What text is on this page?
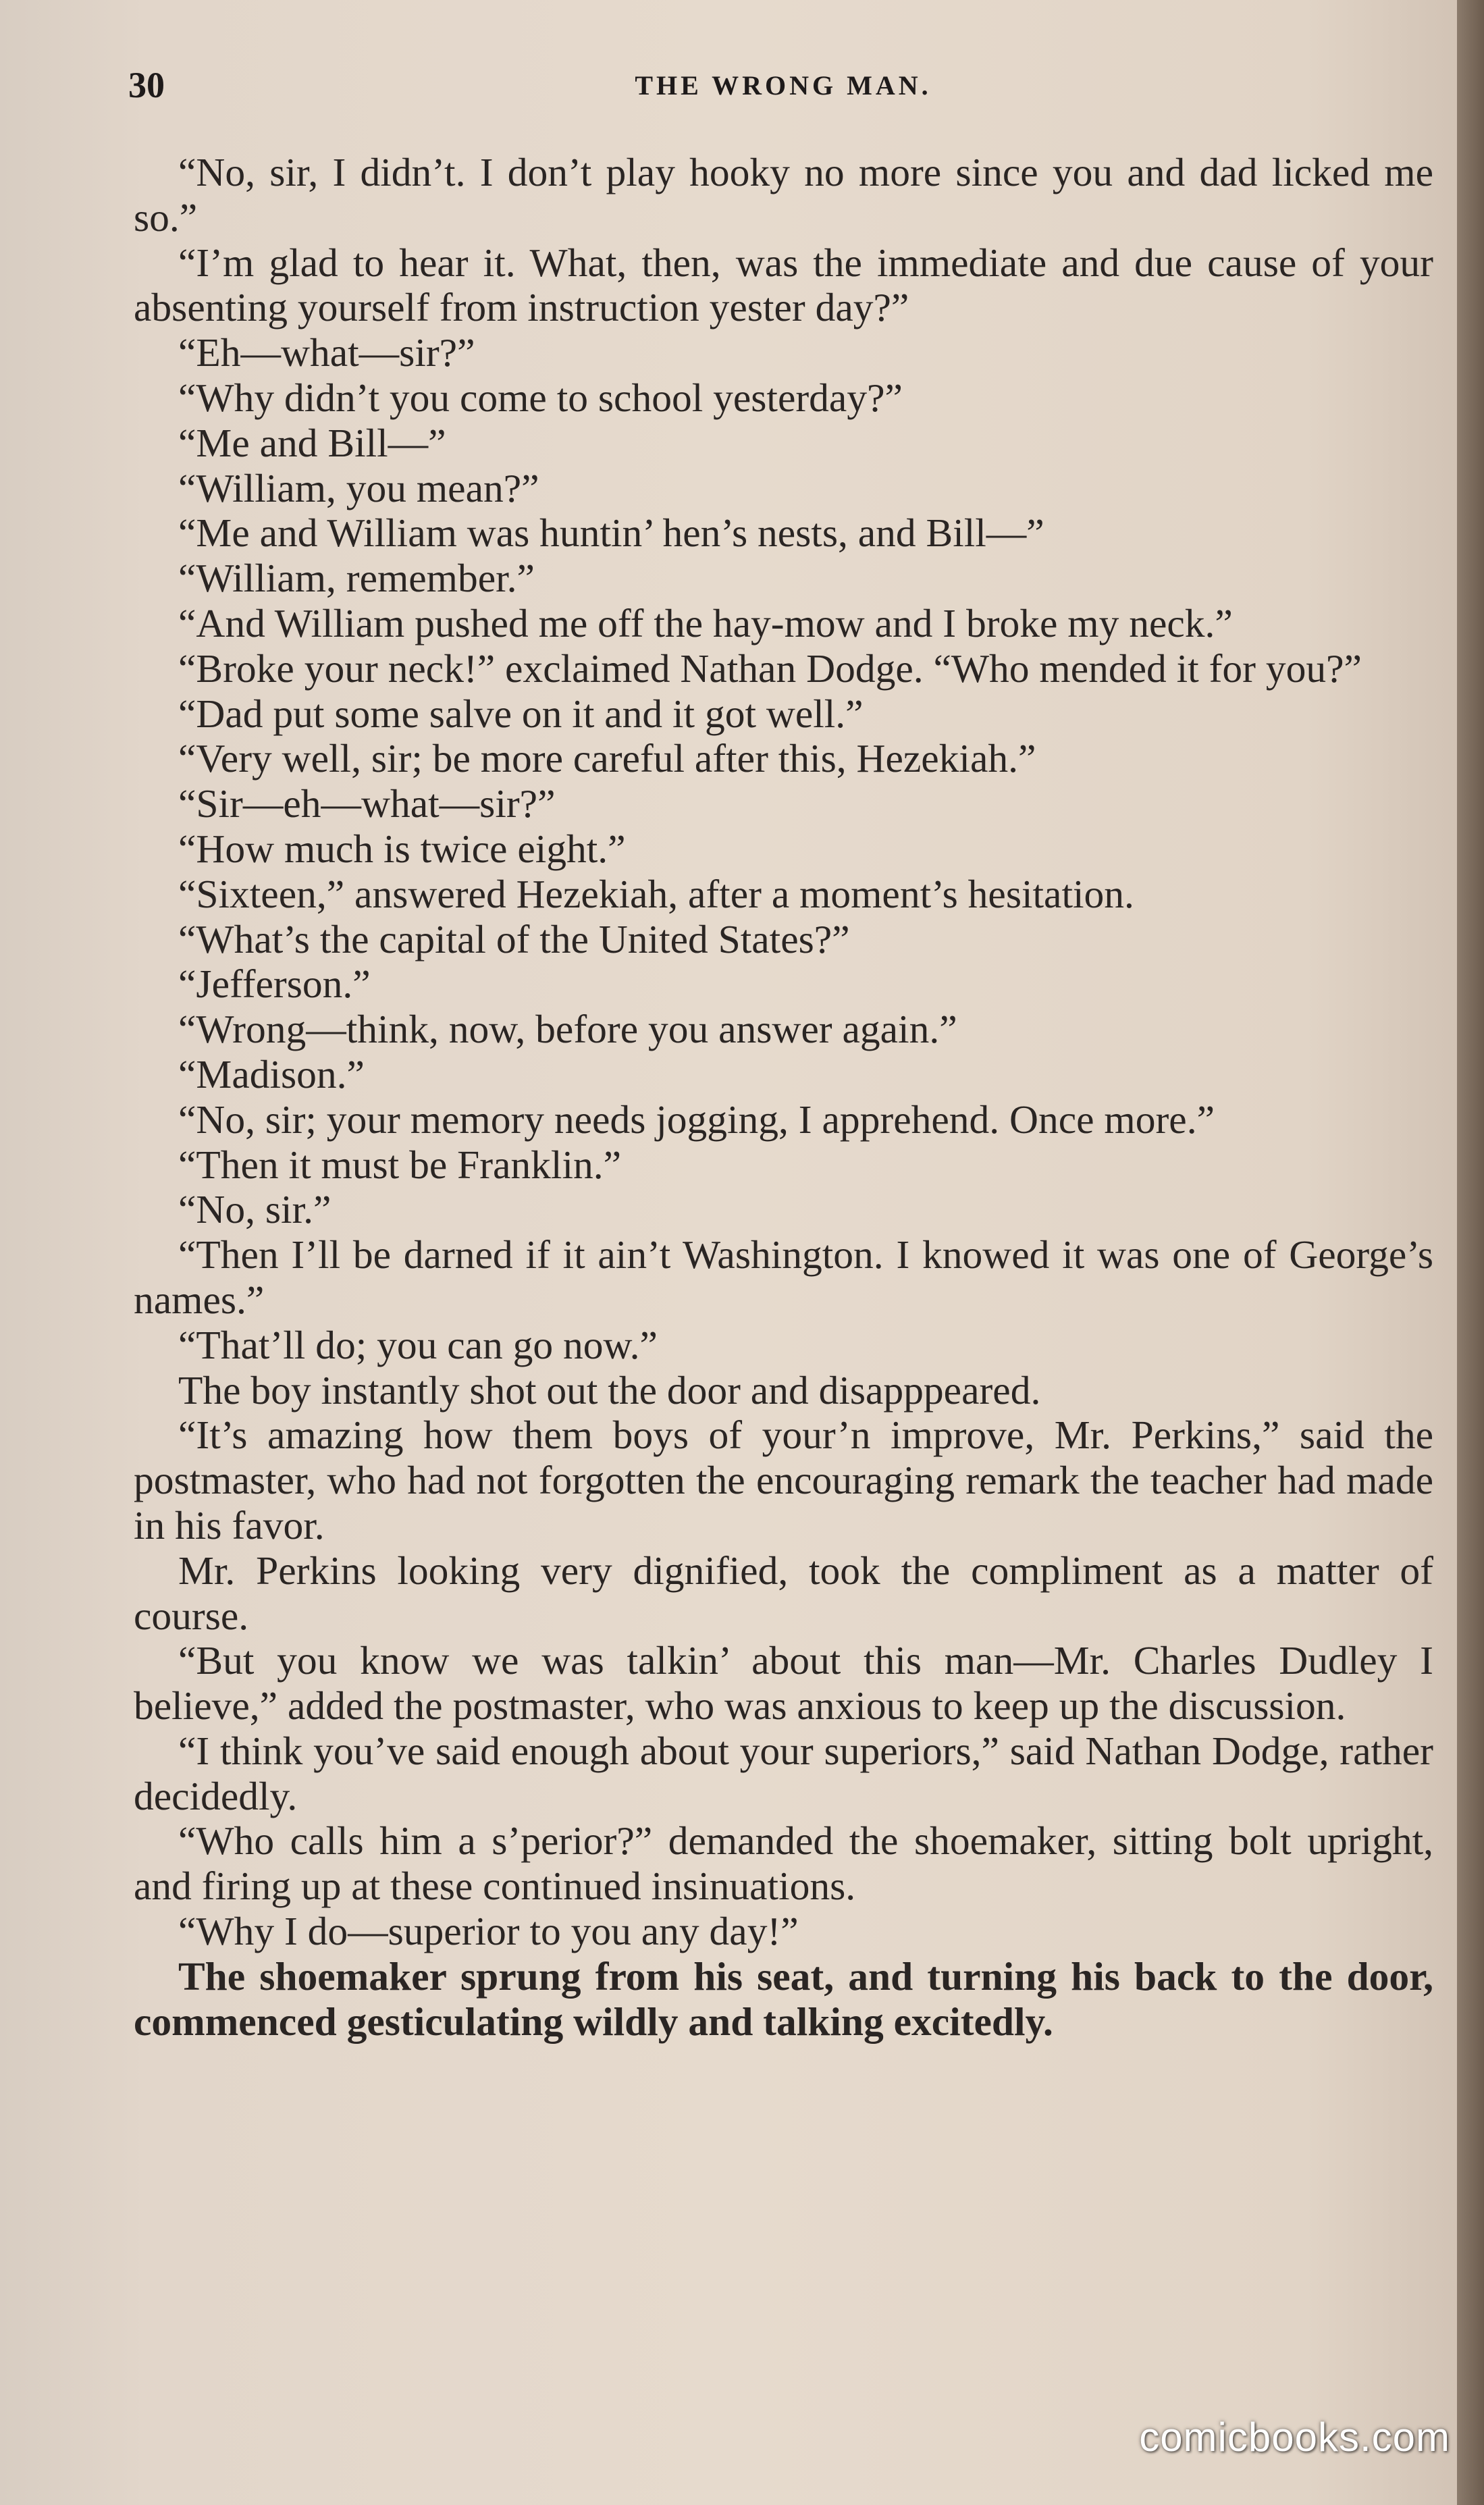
30	THE WRONG MAN.

“No, sir, I didn’t. I don’t play hooky no more since you and dad licked me so.”

“I’m glad to hear it. What, then, was the immediate and due cause of your absenting yourself from instruction yester day?”

“Eh—what—sir?”

“Why didn’t you come to school yesterday?”

“Me and Bill—”

“William, you mean?”

“Me and William was huntin’ hen’s nests, and Bill—”

“William, remember.”

“And William pushed me off the hay-mow and I broke my neck.”

“Broke your neck!” exclaimed Nathan Dodge. “Who mended it for you?”

“Dad put some salve on it and it got well.”

“Very well, sir; be more careful after this, Hezekiah.”

“Sir—eh—what—sir?”

“How much is twice eight.”

“Sixteen,” answered Hezekiah, after a moment’s hesitation.

“What’s the capital of the United States?”

“Jefferson.”

“Wrong—think, now, before you answer again.”

“Madison.”

“No, sir; your memory needs jogging, I apprehend. Once more.”

“Then it must be Franklin.”

“No, sir.”

“Then I’ll be darned if it ain’t Washington. I knowed it was one of George’s names.”

“That’ll do; you can go now.”

The boy instantly shot out the door and disapppeared.

“It’s amazing how them boys of your’n improve, Mr. Perkins,” said the postmaster, who had not forgotten the encouraging remark the teacher had made in his favor.

Mr. Perkins looking very dignified, took the compliment as a matter of course.

“But you know we was talkin’ about this man—Mr. Charles Dudley I believe,” added the postmaster, who was anxious to keep up the discussion.

“I think you’ve said enough about your superiors,” said Nathan Dodge, rather decidedly.

“Who calls him a s’perior?” demanded the shoemaker, sitting bolt upright, and firing up at these continued insinuations.

“Why I do—superior to you any day!”

The shoemaker sprung from his seat, and turning his back to the door, commenced gesticulating wildly and talking excitedly.

comicbooks.com
